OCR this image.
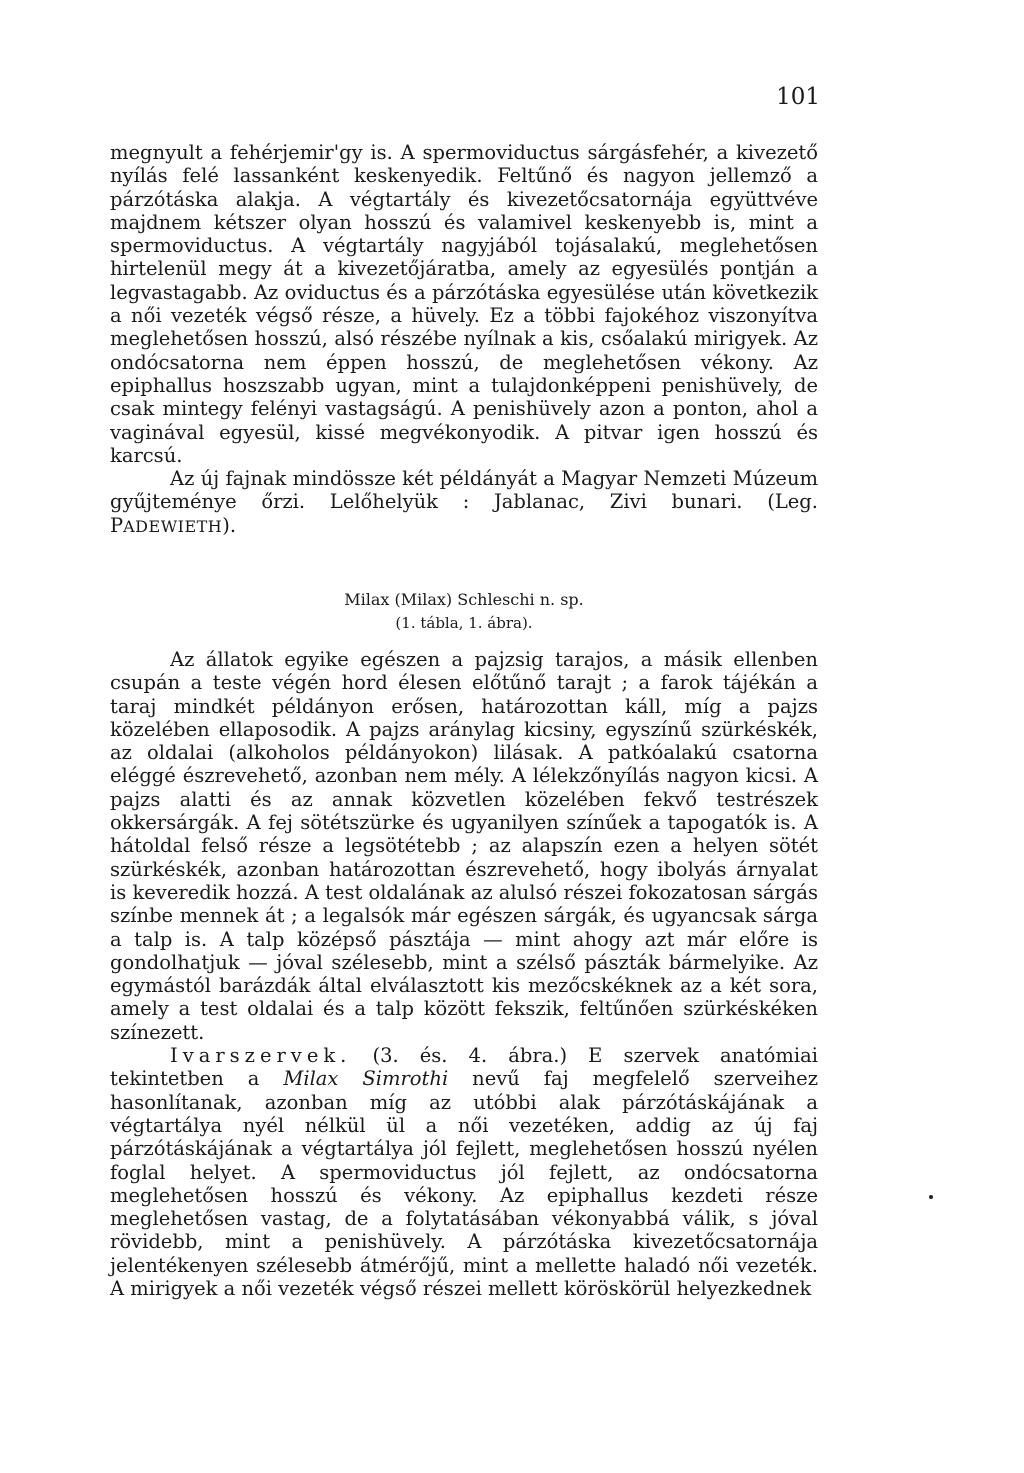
101

megnyult a fehérjemir'gy is. A spermoviductus sárgásfehér, a kivezető nyílás felé lassanként keskenyedik. Feltűnő és nagyon jellemző a párzótáska alakja. A végtartály és kivezetőcsatornája együttvéve majdnem kétszer olyan hosszú és valamivel keskenyebb is, mint a spermoviductus. A végtartály nagyjából tojásalakú, meglehetősen hirtelenül megy át a kivezetőjáratba, amely az egyesülés pontján a legvastagabb. Az oviductus és a párzótáska egyesülése után következik a női vezeték végső része, a hüvely. Ez a többi fajokéhoz viszonyítva meglehetősen hosszú, alsó részébe nyílnak a kis, csőalakú mirigyek. Az ondócsatorna nem éppen hosszú, de meglehetősen vékony. Az epiphallus hoszszabb ugyan, mint a tulajdonképpeni penishüvely, de csak mintegy felényi vastagságú. A penishüvely azon a ponton, ahol a vaginával egyesül, kissé megvékonyodik. A pitvar igen hosszú és karcsú.

Az új fajnak mindössze két példányát a Magyar Nemzeti Múzeum gyűjteménye őrzi. Lelőhelyük : Jablanac, Zivi bunari. (Leg. PADEWIETH).

Milax (Milax) Schleschi n. sp.
(1. tábla, 1. ábra).

Az állatok egyike egészen a pajzsig tarajos, a másik ellenben csupán a teste végén hord élesen előtűnő tarajt ; a farok tájékán a taraj mindkét példányon erősen, határozottan káll, míg a pajzs közelében ellaposodik. A pajzs aránylag kicsiny, egyszínű szürkéskék, az oldalai (alkoholos példányokon) lilásak. A patkóalakú csatorna eléggé észrevehető, azonban nem mély. A lélekzőnyílás nagyon kicsi. A pajzs alatti és az annak közvetlen közelében fekvő testrészek okkersárgák. A fej sötétszürke és ugyanilyen színűek a tapogatók is. A hátoldal felső része a legsötétebb ; az alapszín ezen a helyen sötét szürkéskék, azonban határozottan észrevehető, hogy ibolyás árnyalat is keveredik hozzá. A test oldalának az alulsó részei fokozatosan sárgás színbe mennek át ; a legalsók már egészen sárgák, és ugyancsak sárga a talp is. A talp középső pásztája — mint ahogy azt már előre is gondolhatjuk — jóval szélesebb, mint a szélső pászták bármelyike. Az egymástól barázdák által elválasztott kis mezőcskéknek az a két sora, amely a test oldalai és a talp között fekszik, feltűnően szürkéskéken színezett.

Ivarszervek. (3. és. 4. ábra.) E szervek anatómiai tekintetben a Milax Simrothi nevű faj megfelelő szerveihez hasonlítanak, azonban míg az utóbbi alak párzótáskájának a végtartálya nyél nélkül ül a női vezetéken, addig az új faj párzótáskájának a végtartálya jól fejlett, meglehetősen hosszú nyélen foglal helyet. A spermoviductus jól fejlett, az ondócsatorna meglehetősen hosszú és vékony. Az epiphallus kezdeti része meglehetősen vastag, de a folytatásában vékonyabbá válik, s jóval rövidebb, mint a penishüvely. A párzótáska kivezetőcsatornája jelentékenyen szélesebb átmérőjű, mint a mellette haladó női vezeték. A mirigyek a női vezeték végső részei mellett köröskörül helyezkednek
